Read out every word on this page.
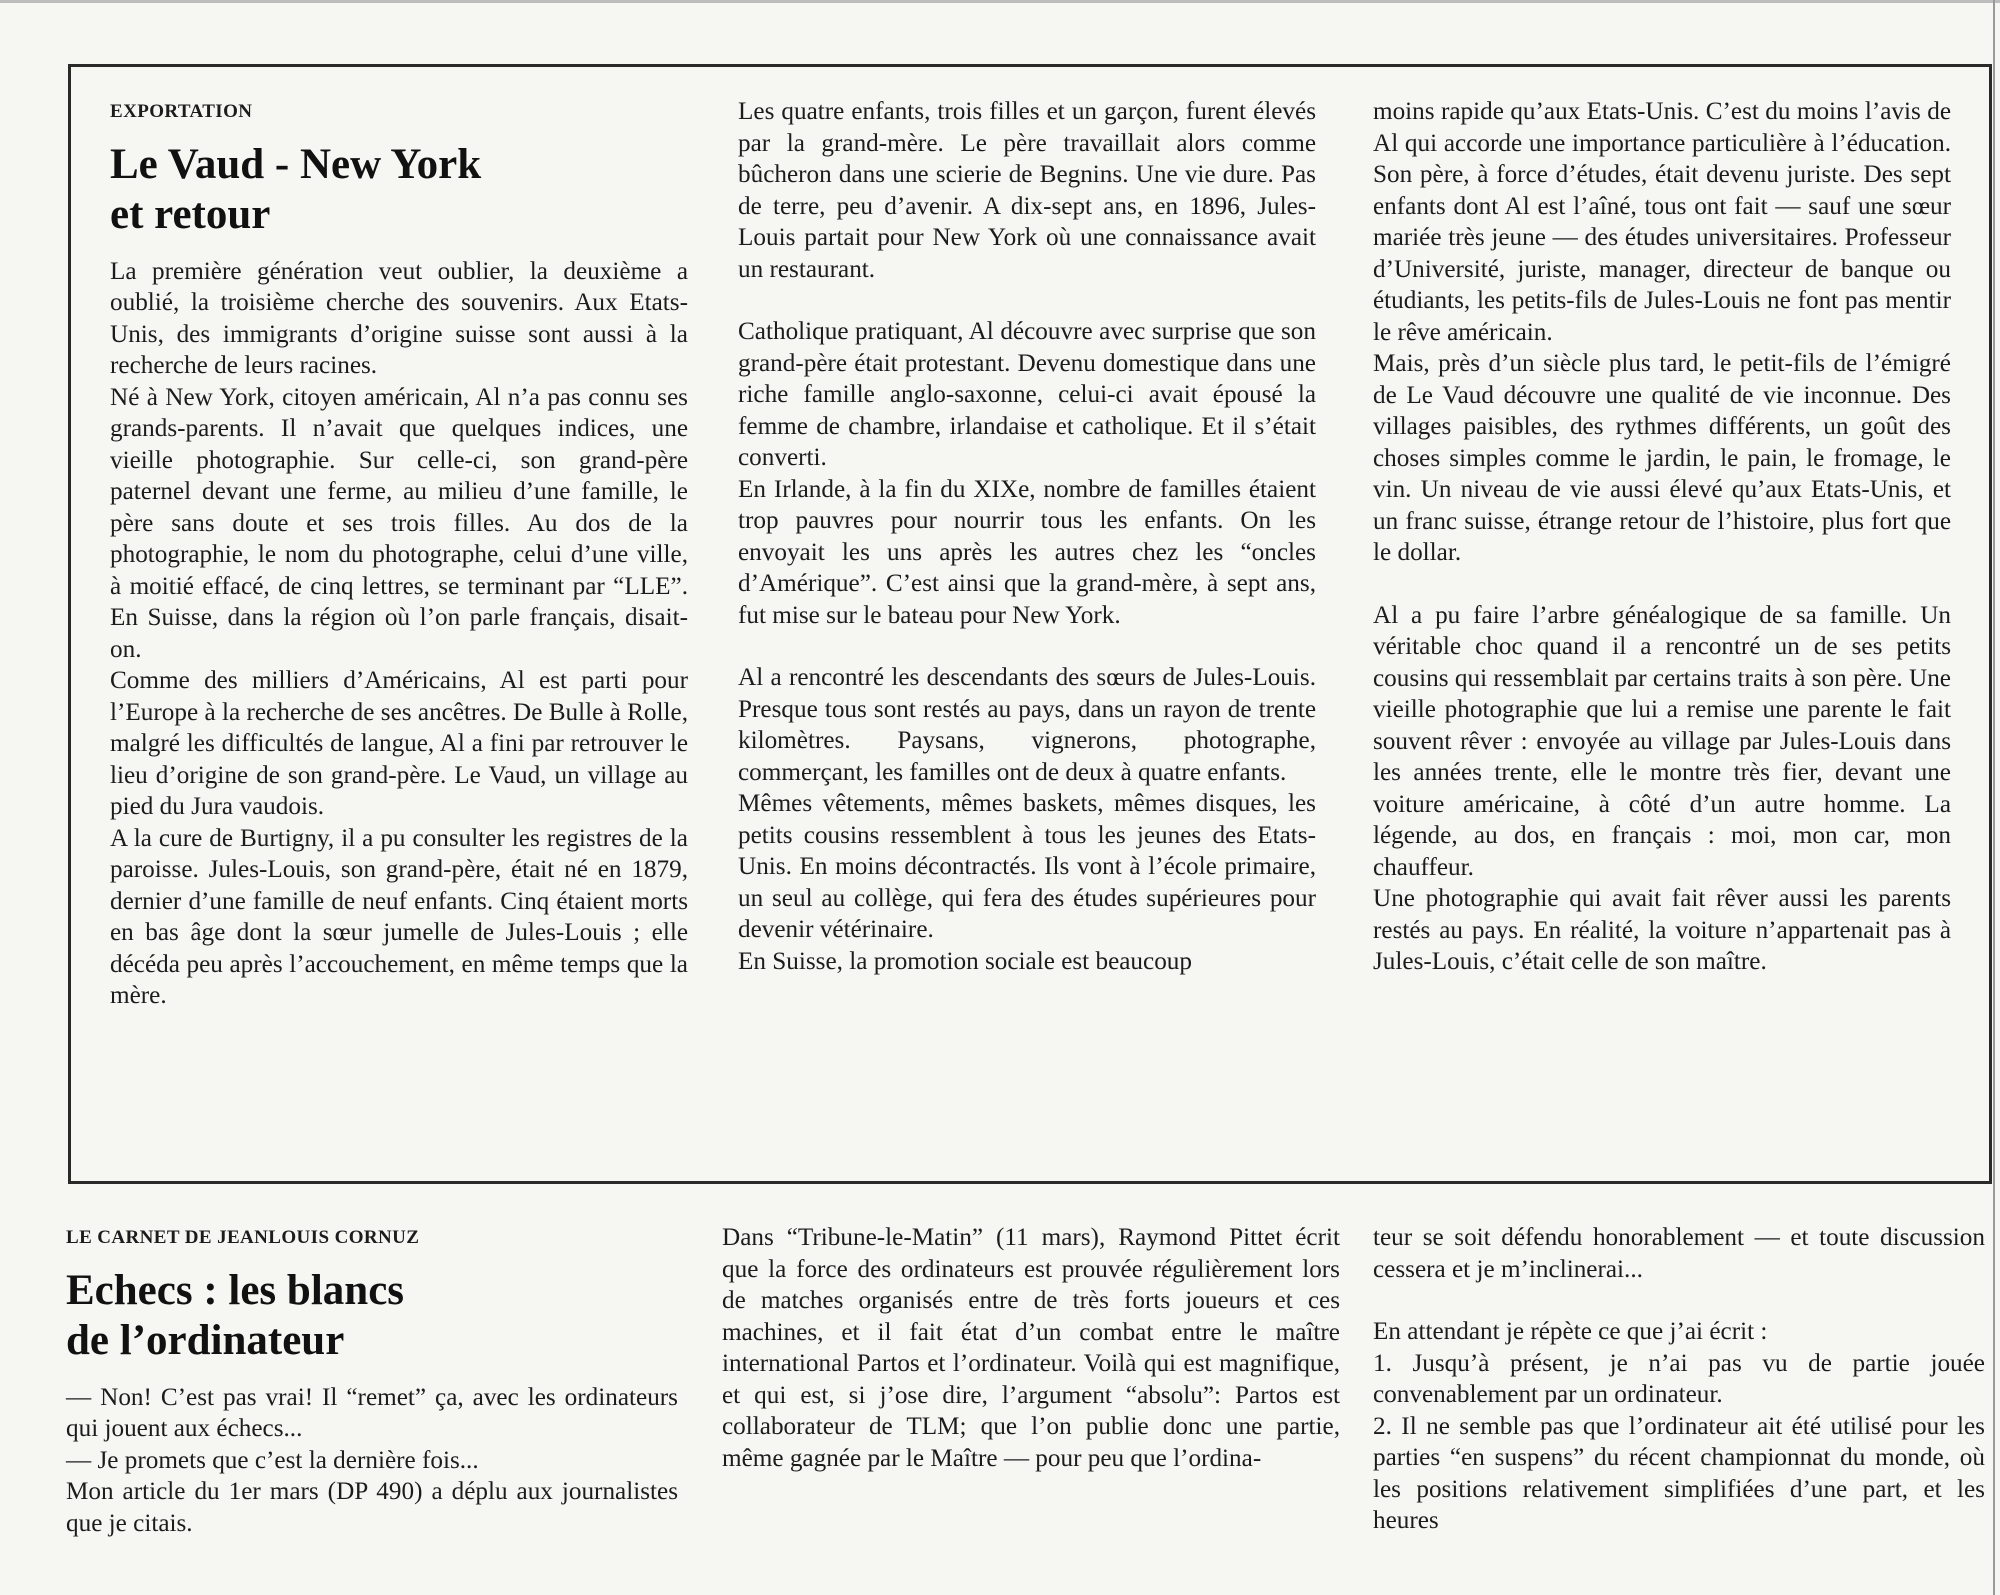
EXPORTATION
Le Vaud - New York
et retour

La première génération veut oublier, la deuxième a oublié, la troisième cherche des souvenirs. Aux Etats-Unis, des immigrants d’origine suisse sont aussi à la recherche de leurs racines.

Né à New York, citoyen américain, Al n’a pas connu ses grands-parents. Il n’avait que quelques indices, une vieille photographie. Sur celle-ci, son grand-père paternel devant une ferme, au milieu d’une famille, le père sans doute et ses trois filles. Au dos de la photographie, le nom du photographe, celui d’une ville, à moitié effacé, de cinq lettres, se terminant par “LLE”. En Suisse, dans la région où l’on parle français, disait-on.

Comme des milliers d’Américains, Al est parti pour l’Europe à la recherche de ses ancêtres. De Bulle à Rolle, malgré les difficultés de langue, Al a fini par retrouver le lieu d’origine de son grand-père. Le Vaud, un village au pied du Jura vaudois.

A la cure de Burtigny, il a pu consulter les registres de la paroisse. Jules-Louis, son grand-père, était né en 1879, dernier d’une famille de neuf enfants. Cinq étaient morts en bas âge dont la sœur jumelle de Jules-Louis ; elle décéda peu après l’accouchement, en même temps que la mère.

Les quatre enfants, trois filles et un garçon, furent élevés par la grand-mère. Le père travaillait alors comme bûcheron dans une scierie de Begnins. Une vie dure. Pas de terre, peu d’avenir. A dix-sept ans, en 1896, Jules-Louis partait pour New York où une connaissance avait un restaurant.

Catholique pratiquant, Al découvre avec surprise que son grand-père était protestant. Devenu domestique dans une riche famille anglo-saxonne, celui-ci avait épousé la femme de chambre, irlandaise et catholique. Et il s’était converti.

En Irlande, à la fin du XIXe, nombre de familles étaient trop pauvres pour nourrir tous les enfants. On les envoyait les uns après les autres chez les “oncles d’Amérique”. C’est ainsi que la grand-mère, à sept ans, fut mise sur le bateau pour New York.

Al a rencontré les descendants des sœurs de Jules-Louis. Presque tous sont restés au pays, dans un rayon de trente kilomètres. Paysans, vignerons, photographe, commerçant, les familles ont de deux à quatre enfants.

Mêmes vêtements, mêmes baskets, mêmes disques, les petits cousins ressemblent à tous les jeunes des Etats-Unis. En moins décontractés. Ils vont à l’école primaire, un seul au collège, qui fera des études supérieures pour devenir vétérinaire.

En Suisse, la promotion sociale est beaucoup

moins rapide qu’aux Etats-Unis. C’est du moins l’avis de Al qui accorde une importance particulière à l’éducation. Son père, à force d’études, était devenu juriste. Des sept enfants dont Al est l’aîné, tous ont fait — sauf une sœur mariée très jeune — des études universitaires. Professeur d’Université, juriste, manager, directeur de banque ou étudiants, les petits-fils de Jules-Louis ne font pas mentir le rêve américain.

Mais, près d’un siècle plus tard, le petit-fils de l’émigré de Le Vaud découvre une qualité de vie inconnue. Des villages paisibles, des rythmes différents, un goût des choses simples comme le jardin, le pain, le fromage, le vin. Un niveau de vie aussi élevé qu’aux Etats-Unis, et un franc suisse, étrange retour de l’histoire, plus fort que le dollar.

Al a pu faire l’arbre généalogique de sa famille. Un véritable choc quand il a rencontré un de ses petits cousins qui ressemblait par certains traits à son père. Une vieille photographie que lui a remise une parente le fait souvent rêver : envoyée au village par Jules-Louis dans les années trente, elle le montre très fier, devant une voiture américaine, à côté d’un autre homme. La légende, au dos, en français : moi, mon car, mon chauffeur.

Une photographie qui avait fait rêver aussi les parents restés au pays. En réalité, la voiture n’appartenait pas à Jules-Louis, c’était celle de son maître.

LE CARNET DE JEANLOUIS CORNUZ
Echecs : les blancs
de l’ordinateur

— Non! C’est pas vrai! Il “remet” ça, avec les ordinateurs qui jouent aux échecs...

— Je promets que c’est la dernière fois...

Mon article du 1er mars (DP 490) a déplu aux journalistes que je citais.

Dans “Tribune-le-Matin” (11 mars), Raymond Pittet écrit que la force des ordinateurs est prouvée régulièrement lors de matches organisés entre de très forts joueurs et ces machines, et il fait état d’un combat entre le maître international Partos et l’ordinateur. Voilà qui est magnifique, et qui est, si j’ose dire, l’argument “absolu”: Partos est collaborateur de TLM; que l’on publie donc une partie, même gagnée par le Maître — pour peu que l’ordina-

teur se soit défendu honorablement — et toute discussion cessera et je m’inclinerai...

En attendant je répète ce que j’ai écrit :

1. Jusqu’à présent, je n’ai pas vu de partie jouée convenablement par un ordinateur.

2. Il ne semble pas que l’ordinateur ait été utilisé pour les parties “en suspens” du récent championnat du monde, où les positions relativement simplifiées d’une part, et les heures
